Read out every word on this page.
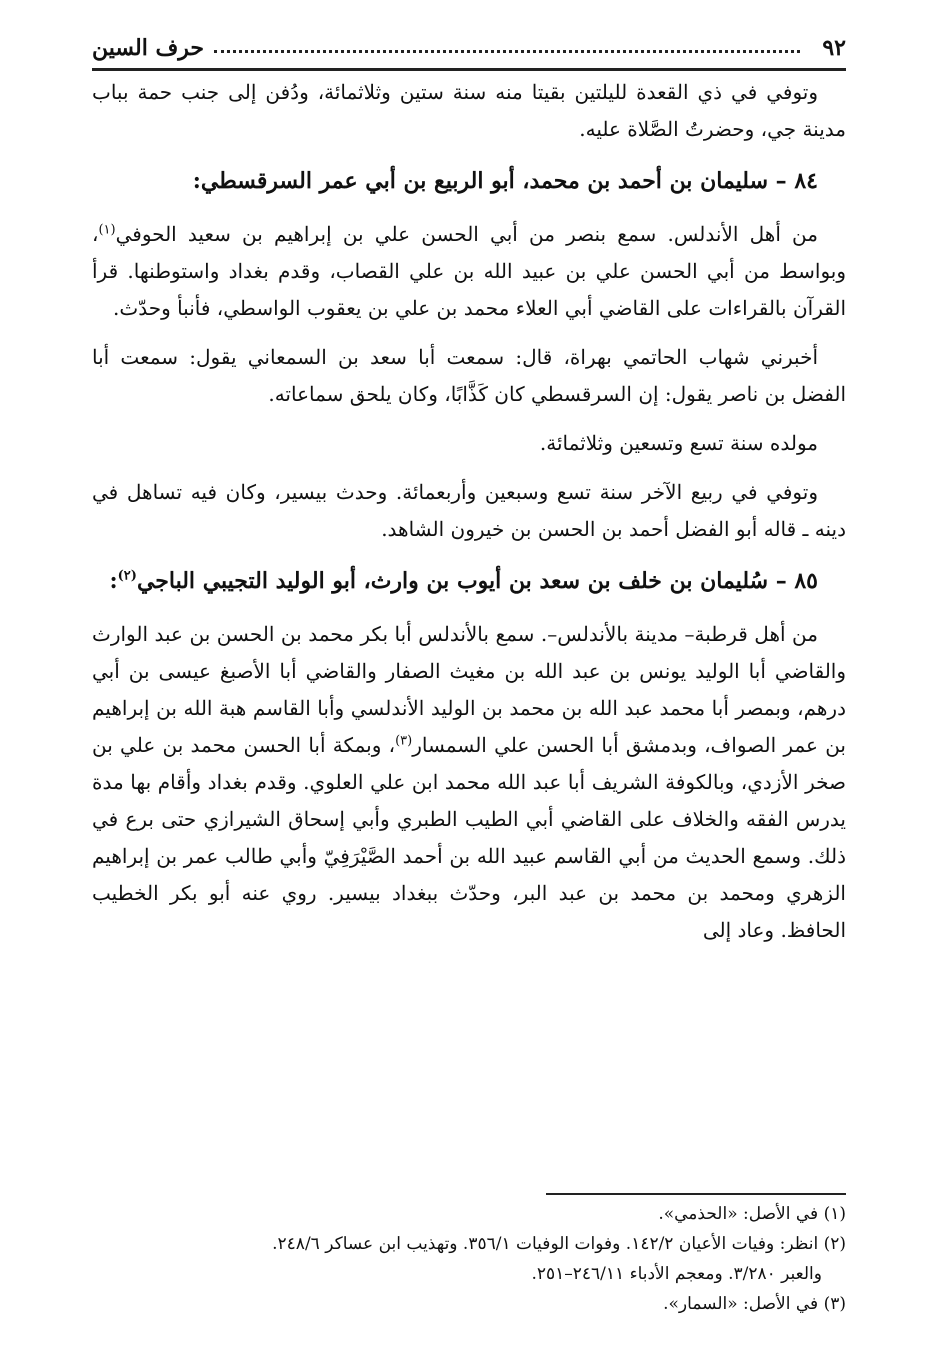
٩٢
حرف السين

وتوفي في ذي القعدة لليلتين بقيتا منه سنة ستين وثلاثمائة، ودُفن إلى جنب حمة بباب مدينة جي، وحضرتُ الصَّلاة عليه.

٨٤ – سليمان بن أحمد بن محمد، أبو الربيع بن أبي عمر السرقسطي:

من أهل الأندلس. سمع بنصر من أبي الحسن علي بن إبراهيم بن سعيد الحوفي$^{(١)}$، وبواسط من أبي الحسن علي بن عبيد الله بن علي القصاب، وقدم بغداد واستوطنها. قرأ القرآن بالقراءات على القاضي أبي العلاء محمد بن علي بن يعقوب الواسطي، فأنبأ وحدّث.

أخبرني شهاب الحاتمي بهراة، قال: سمعت أبا سعد بن السمعاني يقول: سمعت أبا الفضل بن ناصر يقول: إن السرقسطي كان كَذَّابًا، وكان يلحق سماعاته.

مولده سنة تسع وتسعين وثلاثمائة.

وتوفي في ربيع الآخر سنة تسع وسبعين وأربعمائة. وحدث بيسير، وكان فيه تساهل في دينه ـ قاله أبو الفضل أحمد بن الحسن بن خيرون الشاهد.

٨٥ – سُليمان بن خلف بن سعد بن أيوب بن وارث، أبو الوليد التجيبي الباجي$^{(٢)}$:

من أهل قرطبة– مدينة بالأندلس–. سمع بالأندلس أبا بكر محمد بن الحسن بن عبد الوارث والقاضي أبا الوليد يونس بن عبد الله بن مغيث الصفار والقاضي أبا الأصبغ عيسى بن أبي درهم، وبمصر أبا محمد عبد الله بن محمد بن الوليد الأندلسي وأبا القاسم هبة الله بن إبراهيم بن عمر الصواف، وبدمشق أبا الحسن علي السمسار$^{(٣)}$، وبمكة أبا الحسن محمد بن علي بن صخر الأزدي، وبالكوفة الشريف أبا عبد الله محمد ابن علي العلوي. وقدم بغداد وأقام بها مدة يدرس الفقه والخلاف على القاضي أبي الطيب الطبري وأبي إسحاق الشيرازي حتى برع في ذلك. وسمع الحديث من أبي القاسم عبيد الله بن أحمد الصَّيْرَفِيّ وأبي طالب عمر بن إبراهيم الزهري ومحمد بن محمد بن عبد البر، وحدّث ببغداد بيسير. روي عنه أبو بكر الخطيب الحافظ. وعاد إلى

(١) في الأصل: «الحذمي».

(٢) انظر: وفيات الأعيان ١٤٢/٢. وفوات الوفيات ٣٥٦/١. وتهذيب ابن عساكر ٢٤٨/٦.

والعبر ٣/٢٨٠. ومعجم الأدباء ٢٤٦/١١–٢٥١.

(٣) في الأصل: «السمار».
